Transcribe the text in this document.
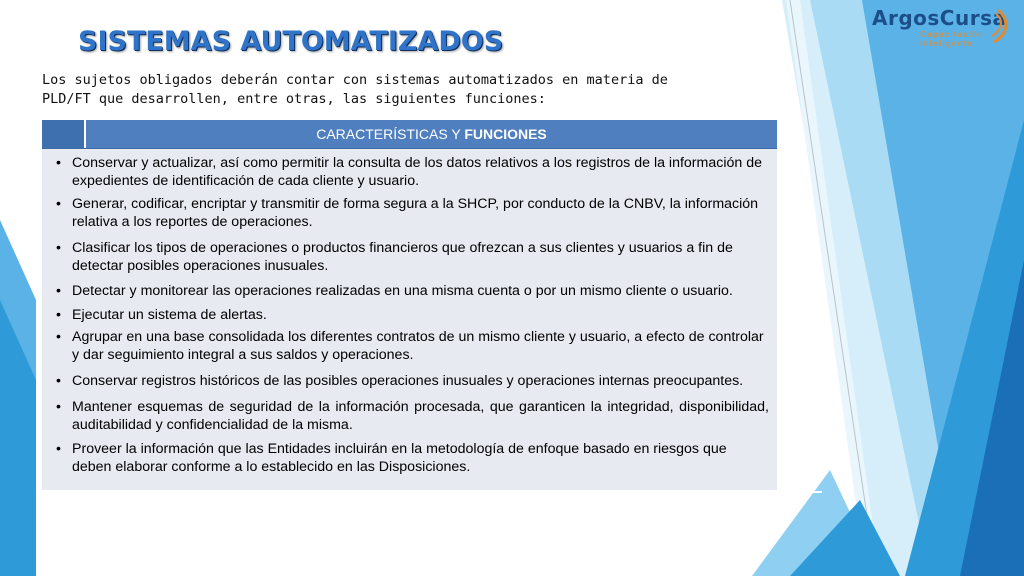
SISTEMAS AUTOMATIZADOS
ArgosCursa
Capacitación
Inteligente

Los sujetos obligados deberán contar con sistemas automatizados en materia de PLD/FT que desarrollen, entre otras, las siguientes funciones:

CARACTERÍSTICAS Y FUNCIONES
• Conservar y actualizar, así como permitir la consulta de los datos relativos a los registros de la información de expedientes de identificación de cada cliente y usuario.
• Generar, codificar, encriptar y transmitir de forma segura a la SHCP, por conducto de la CNBV, la información relativa a los reportes de operaciones.
• Clasificar los tipos de operaciones o productos financieros que ofrezcan a sus clientes y usuarios a fin de detectar posibles operaciones inusuales.
• Detectar y monitorear las operaciones realizadas en una misma cuenta o por un mismo cliente o usuario.
• Ejecutar un sistema de alertas.
• Agrupar en una base consolidada los diferentes contratos de un mismo cliente y usuario, a efecto de controlar y dar seguimiento integral a sus saldos y operaciones.
• Conservar registros históricos de las posibles operaciones inusuales y operaciones internas preocupantes.
• Mantener esquemas de seguridad de la información procesada, que garanticen la integridad, disponibilidad, auditabilidad y confidencialidad de la misma.
• Proveer la información que las Entidades incluirán en la metodología de enfoque basado en riesgos que deben elaborar conforme a lo establecido en las Disposiciones.
